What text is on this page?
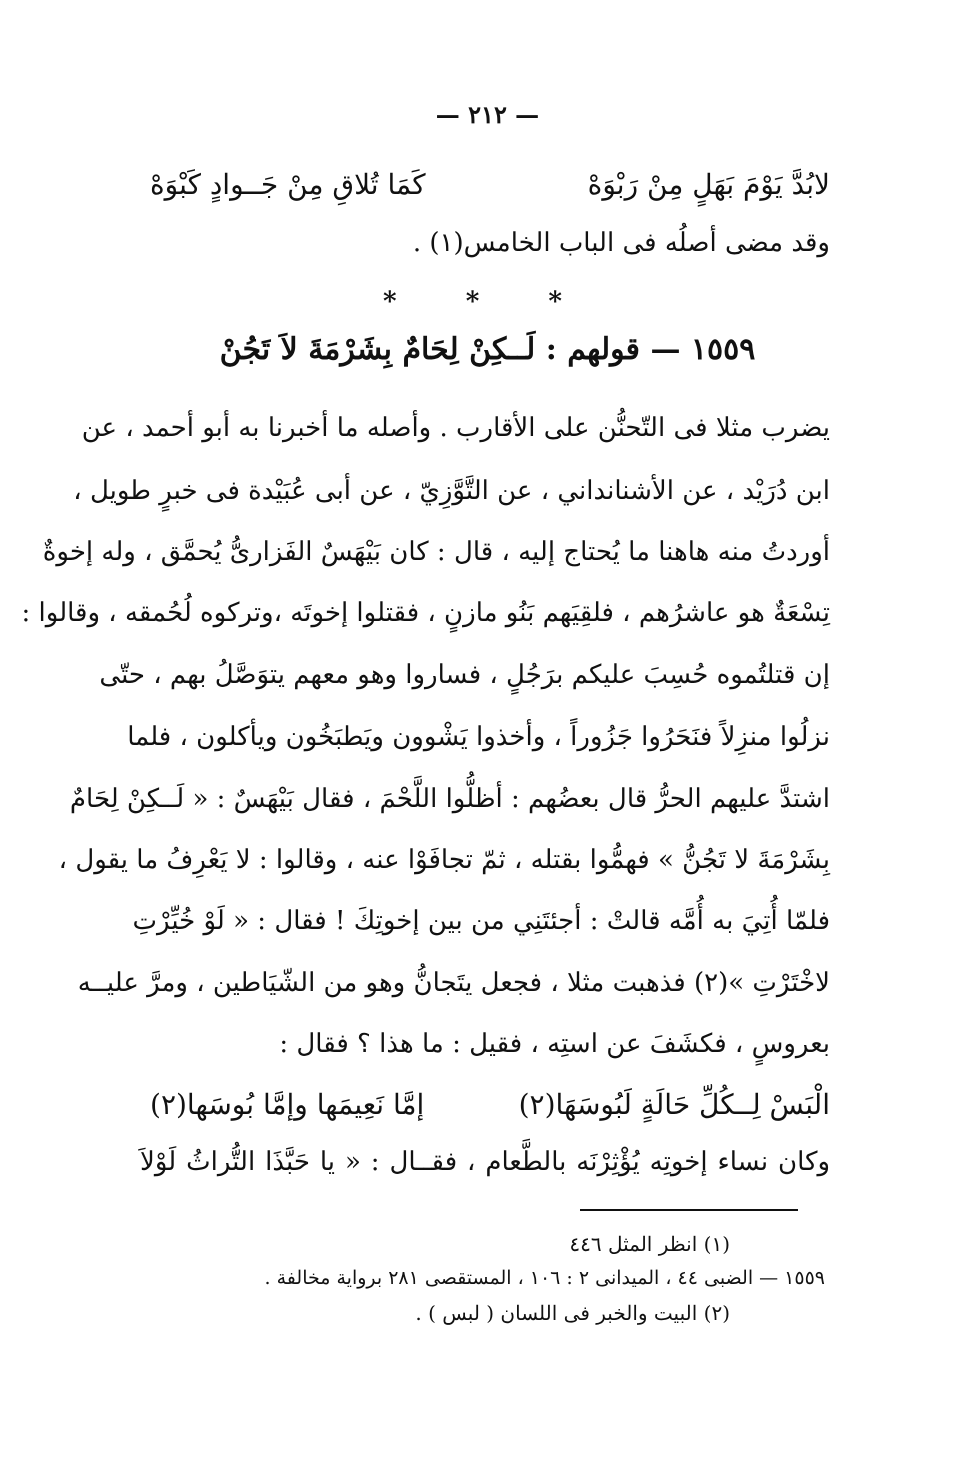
— ٢١٢ —
لابُدَّ يَوْمَ بَهَلٍ مِنْ رَبْوَهْ
كَمَا تُلاقِ مِنْ جَــوادٍ كَبْوَهْ
وقد مضى أصلُه فى الباب الخامس(١) .
* * *
١٥٥٩ — قولهم : لَــكِنْ لِحَامٌ بِشَرْمَةَ لاَ تَجُنْ
يضرب مثلا فى التّحنُّن على الأقارب . وأصله ما أخبرنا به أبو أحمد ، عن
ابن دُرَيْد ، عن الأشنانداني ، عن التَّوَّزِيّ ، عن أبى عُبَيْدة فى خبرٍ طويل ،
أوردتُ منه هاهنا ما يُحتاج إليه ، قال : كان بَيْهَسٌ الفَزارىُّ يُحمَّق ، وله إخوةٌ
تِسْعَةٌ هو عاشرُهم ، فلقِيَهم بَنُو مازنٍ ، فقتلوا إخوتَه ،وتركوه لُحُمقه ، وقالوا :
إن قتلتُموه حُسِبَ عليكم برَجُلٍ ، فساروا وهو معهم يتوَصَّلُ بهم ، حتّى
نزلُوا منزِلاً فنَحَرُوا جَزُوراً ، وأخذوا يَشْوون ويَطبَخُون ويأكلون ، فلما
اشتدَّ عليهم الحرُّ قال بعضُهم : أظلُّوا اللَّحْمَ ، فقال بَيْهَسٌ : « لَــكِنْ لِحَامٌ
بِشَرْمَةَ لا تَجُنُّ » فهمُّوا بقتله ، ثمّ تجافَوْا عنه ، وقالوا : لا يَعْرِفُ ما يقول ،
فلمّا أُتِيَ به أُمَّه قالتْ : أجئتَنِي من بين إخوتِكَ ! فقال : « لَوْ خُيِّرْتِ
لاخْتَرْتِ »(٢) فذهبت مثلا ، فجعل يتَجانُّ وهو من الشّيَاطين ، ومرَّ عليــه
بعروسٍ ، فكشَفَ عن استِه ، فقيل : ما هذا ؟ فقال :
الْبَسْ لِــكُلِّ حَالَةٍ لَبُوسَهَا(٢)
إمَّا نَعِيمَها وإمَّا بُوسَها(٢)
وكان نساء إخوتِه يُؤْثِرْنَه بالطَّعام ، فقــال : « يا حَبَّذَا التُّراثُ لَوْلاَ
(١) انظر المثل ٤٤٦
١٥٥٩ — الضبى ٤٤ ، الميدانى ٢ : ١٠٦ ، المستقصى ٢٨١ برواية مخالفة .
(٢) البيت والخبر فى اللسان ( لبس ) .
